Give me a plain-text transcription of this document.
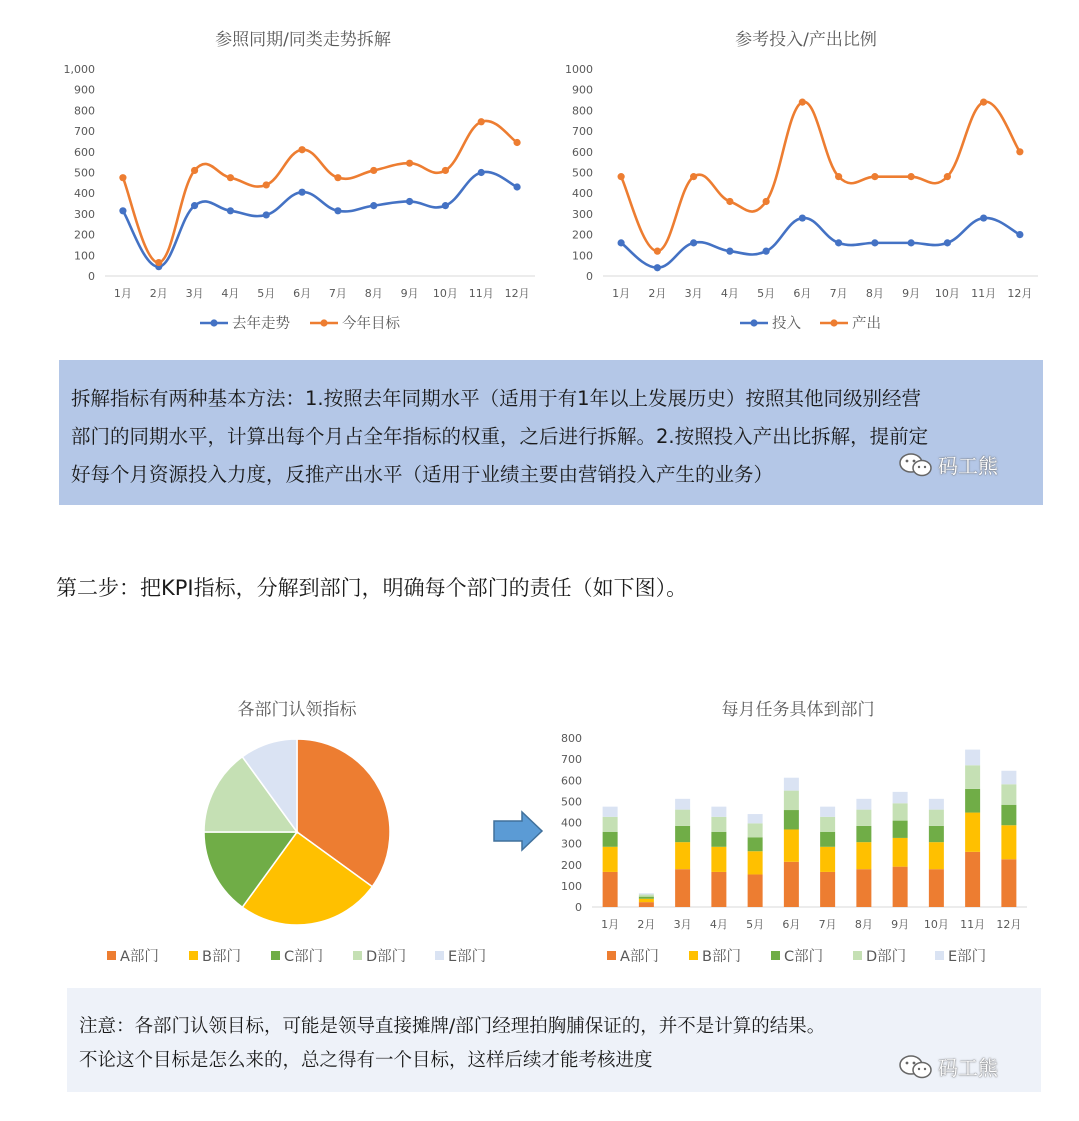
参照同期/同类走势拆解
0
100
200
300
400
500
600
700
800
900
1,000
1月 2月 3月 4月 5月 6月 7月 8月 9月 10月 11月 12月
去年走势	今年目标
参考投入/产出比例
0
100
200
300
400
500
600
700
800
900
1000
1月 2月 3月 4月 5月 6月 7月 8月 9月 10月 11月 12月
投入	产出
拆解指标有两种基本方法：1.按照去年同期水平（适用于有1年以上发展历史）按照其他同级别经营
部门的同期水平，计算出每个月占全年指标的权重，之后进行拆解。2.按照投入产出比拆解，提前定
好每个月资源投入力度，反推产出水平（适用于业绩主要由营销投入产生的业务）	码工熊
第二步：把KPI指标，分解到部门，明确每个部门的责任（如下图）。
各部门认领指标
A部门	B部门	C部门	D部门	E部门
每月任务具体到部门
0
100
200
300
400
500
600
700
800
1月 2月 3月 4月 5月 6月 7月 8月 9月 10月 11月 12月
A部门	B部门	C部门	D部门	E部门
注意：各部门认领目标，可能是领导直接摊牌/部门经理拍胸脯保证的，并不是计算的结果。
不论这个目标是怎么来的，总之得有一个目标，这样后续才能考核进度	码工熊
